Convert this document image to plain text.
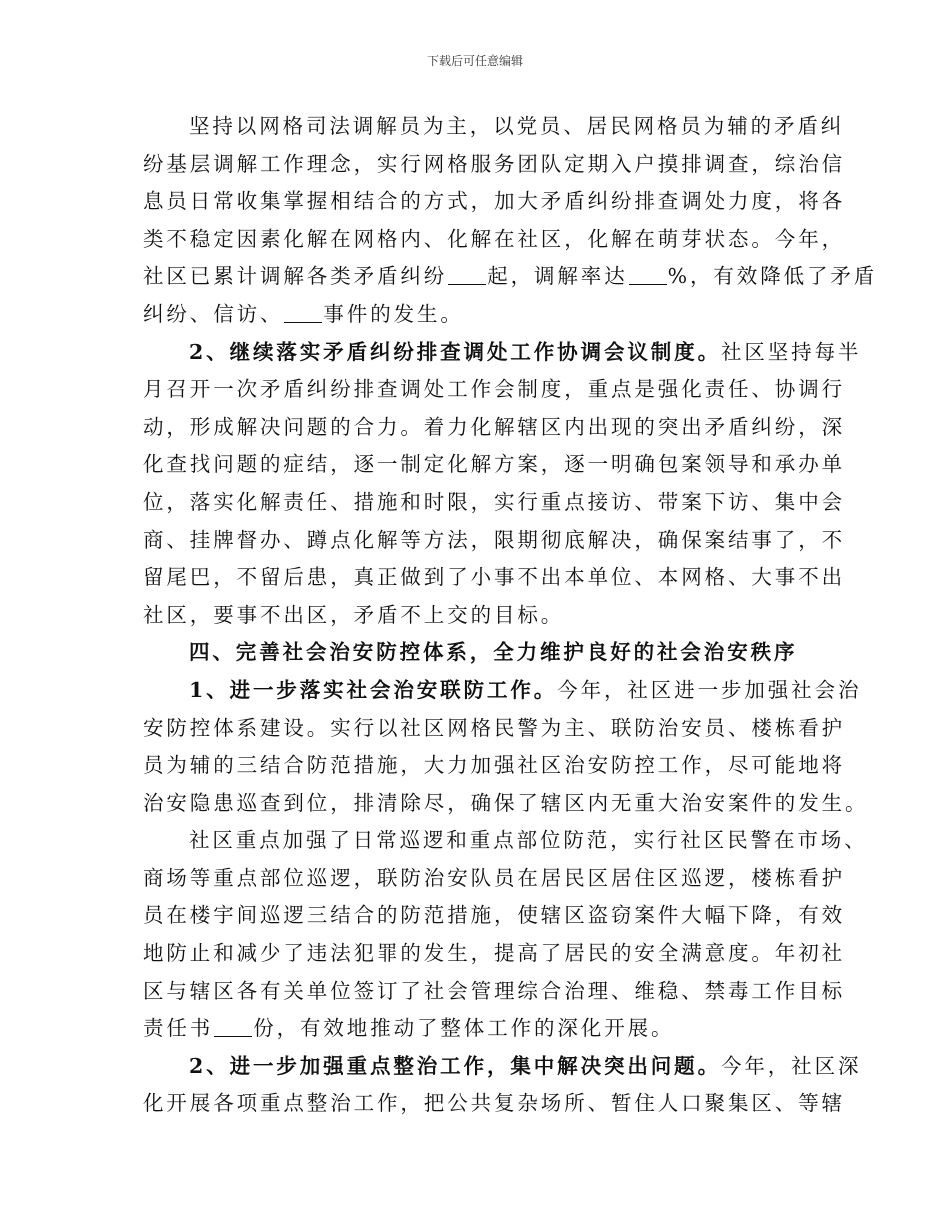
下载后可任意编辑
坚持以网格司法调解员为主，以党员、居民网格员为辅的矛盾纠
纷基层调解工作理念，实行网格服务团队定期入户摸排调查，综治信
息员日常收集掌握相结合的方式，加大矛盾纠纷排查调处力度，将各
类不稳定因素化解在网格内、化解在社区，化解在萌芽状态。今年，
社区已累计调解各类矛盾纠纷 起，调解率达 %，有效降低了矛盾
纠纷、信访、 事件的发生。
2、继续落实矛盾纠纷排查调处工作协调会议制度。社区坚持每半
月召开一次矛盾纠纷排查调处工作会制度，重点是强化责任、协调行
动，形成解决问题的合力。着力化解辖区内出现的突出矛盾纠纷，深
化查找问题的症结，逐一制定化解方案，逐一明确包案领导和承办单
位，落实化解责任、措施和时限，实行重点接访、带案下访、集中会
商、挂牌督办、蹲点化解等方法，限期彻底解决，确保案结事了，不
留尾巴，不留后患，真正做到了小事不出本单位、本网格、大事不出
社区，要事不出区，矛盾不上交的目标。
四、完善社会治安防控体系，全力维护良好的社会治安秩序
1、进一步落实社会治安联防工作。今年，社区进一步加强社会治
安防控体系建设。实行以社区网格民警为主、联防治安员、楼栋看护
员为辅的三结合防范措施，大力加强社区治安防控工作，尽可能地将
治安隐患巡查到位，排清除尽，确保了辖区内无重大治安案件的发生。
社区重点加强了日常巡逻和重点部位防范，实行社区民警在市场、
商场等重点部位巡逻，联防治安队员在居民区居住区巡逻，楼栋看护
员在楼宇间巡逻三结合的防范措施，使辖区盗窃案件大幅下降，有效
地防止和减少了违法犯罪的发生，提高了居民的安全满意度。年初社
区与辖区各有关单位签订了社会管理综合治理、维稳、禁毒工作目标
责任书 份，有效地推动了整体工作的深化开展。
2、进一步加强重点整治工作，集中解决突出问题。今年，社区深
化开展各项重点整治工作，把公共复杂场所、暂住人口聚集区、等辖
